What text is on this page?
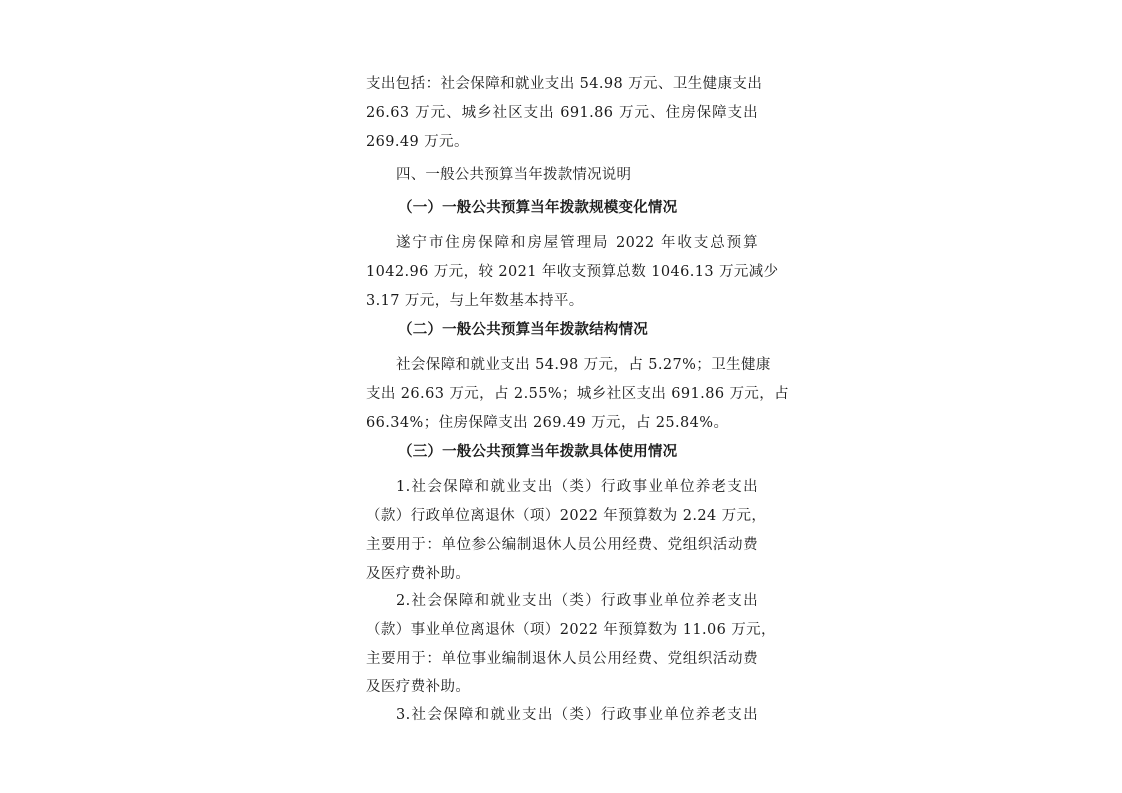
支出包括：社会保障和就业支出 54.98 万元、卫生健康支出
26.63 万元、城乡社区支出 691.86 万元、住房保障支出
269.49 万元。
四、一般公共预算当年拨款情况说明
（一）一般公共预算当年拨款规模变化情况
遂宁市住房保障和房屋管理局 2022 年收支总预算
1042.96 万元，较 2021 年收支预算总数 1046.13 万元减少
3.17 万元，与上年数基本持平。
（二）一般公共预算当年拨款结构情况
社会保障和就业支出 54.98 万元，占 5.27%；卫生健康
支出 26.63 万元，占 2.55%；城乡社区支出 691.86 万元，占
66.34%；住房保障支出 269.49 万元，占 25.84%。
（三）一般公共预算当年拨款具体使用情况
1.社会保障和就业支出（类）行政事业单位养老支出
（款）行政单位离退休（项）2022 年预算数为 2.24 万元，
主要用于：单位参公编制退休人员公用经费、党组织活动费
及医疗费补助。
2.社会保障和就业支出（类）行政事业单位养老支出
（款）事业单位离退休（项）2022 年预算数为 11.06 万元，
主要用于：单位事业编制退休人员公用经费、党组织活动费
及医疗费补助。
3.社会保障和就业支出（类）行政事业单位养老支出
